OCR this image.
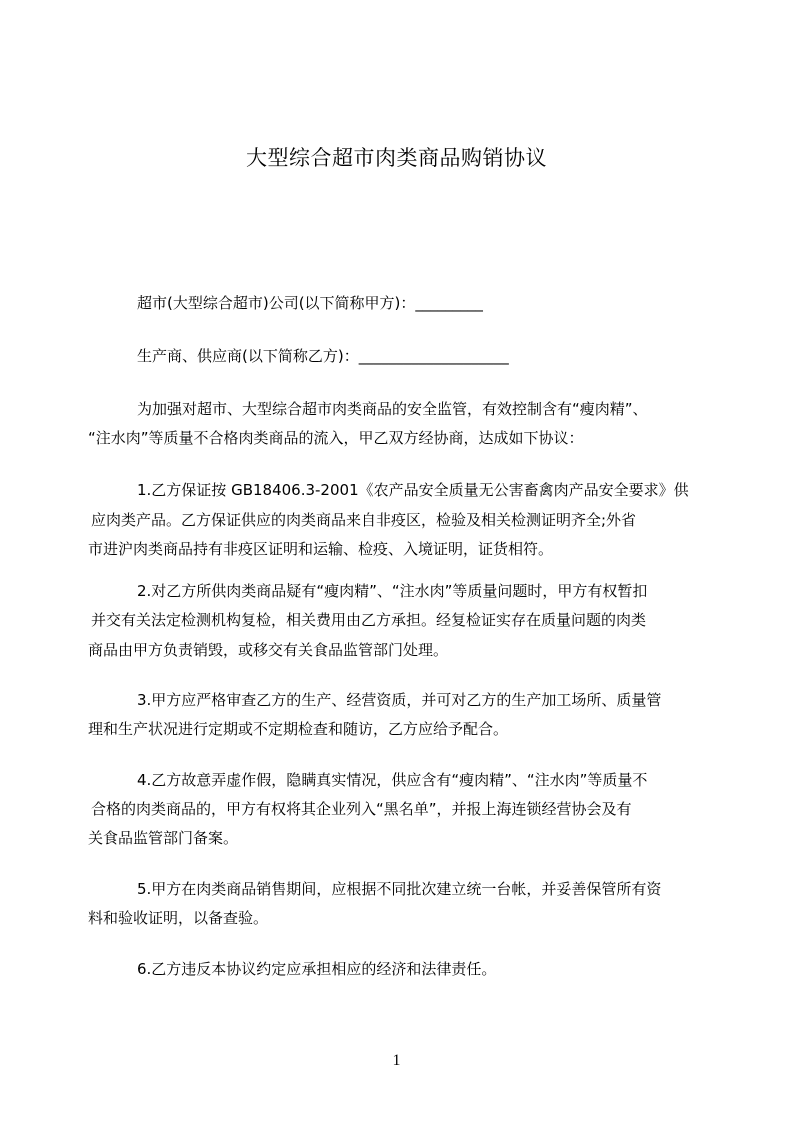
大型综合超市肉类商品购销协议
超市(大型综合超市)公司(以下简称甲方)：_________
生产商、供应商(以下简称乙方)：____________________
为加强对超市、大型综合超市肉类商品的安全监管，有效控制含有“瘦肉精”、
“注水肉”等质量不合格肉类商品的流入，甲乙双方经协商，达成如下协议：
1.乙方保证按 GB18406.3-2001《农产品安全质量无公害畜禽肉产品安全要求》供
应肉类产品。乙方保证供应的肉类商品来自非疫区，检验及相关检测证明齐全;外省
市进沪肉类商品持有非疫区证明和运输、检疫、入境证明，证货相符。
2.对乙方所供肉类商品疑有“瘦肉精”、“注水肉”等质量问题时，甲方有权暂扣
并交有关法定检测机构复检，相关费用由乙方承担。经复检证实存在质量问题的肉类
商品由甲方负责销毁，或移交有关食品监管部门处理。
3.甲方应严格审查乙方的生产、经营资质，并可对乙方的生产加工场所、质量管
理和生产状况进行定期或不定期检查和随访，乙方应给予配合。
4.乙方故意弄虚作假，隐瞒真实情况，供应含有“瘦肉精”、“注水肉”等质量不
合格的肉类商品的，甲方有权将其企业列入“黑名单”，并报上海连锁经营协会及有
关食品监管部门备案。
5.甲方在肉类商品销售期间，应根据不同批次建立统一台帐，并妥善保管所有资
料和验收证明，以备查验。
6.乙方违反本协议约定应承担相应的经济和法律责任。
1
